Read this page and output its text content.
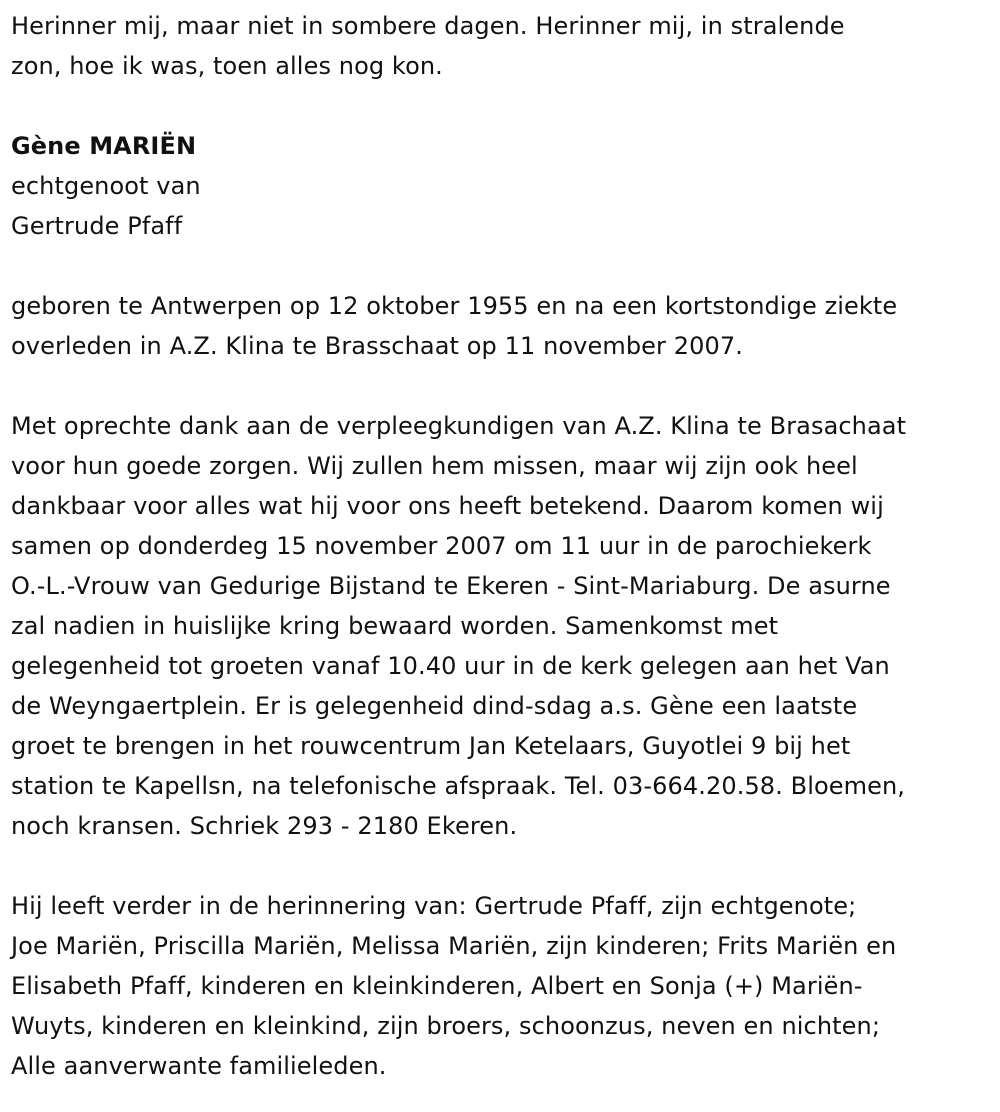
Herinner mij, maar niet in sombere dagen. Herinner mij, in stralende
zon, hoe ik was, toen alles nog kon.

Gène MARIËN

echtgenoot van

Gertrude Pfaff

geboren te Antwerpen op 12 oktober 1955 en na een kortstondige ziekte
overleden in A.Z. Klina te Brasschaat op 11 november 2007.

Met oprechte dank aan de verpleegkundigen van A.Z. Klina te Brasachaat
voor hun goede zorgen. Wij zullen hem missen, maar wij zijn ook heel
dankbaar voor alles wat hij voor ons heeft betekend. Daarom komen wij
samen op donderdeg 15 november 2007 om 11 uur in de parochiekerk
O.-L.-Vrouw van Gedurige Bijstand te Ekeren - Sint-Mariaburg. De asurne
zal nadien in huislijke kring bewaard worden. Samenkomst met
gelegenheid tot groeten vanaf 10.40 uur in de kerk gelegen aan het Van
de Weyngaertplein. Er is gelegenheid dind-sdag a.s. Gène een laatste
groet te brengen in het rouwcentrum Jan Ketelaars, Guyotlei 9 bij het
station te Kapellsn, na telefonische afspraak. Tel. 03-664.20.58. Bloemen,
noch kransen. Schriek 293 - 2180 Ekeren.

Hij leeft verder in de herinnering van: Gertrude Pfaff, zijn echtgenote;
Joe Mariën, Priscilla Mariën, Melissa Mariën, zijn kinderen; Frits Mariën en
Elisabeth Pfaff, kinderen en kleinkinderen, Albert en Sonja (+) Mariën-
Wuyts, kinderen en kleinkind, zijn broers, schoonzus, neven en nichten;
Alle aanverwante familieleden.
